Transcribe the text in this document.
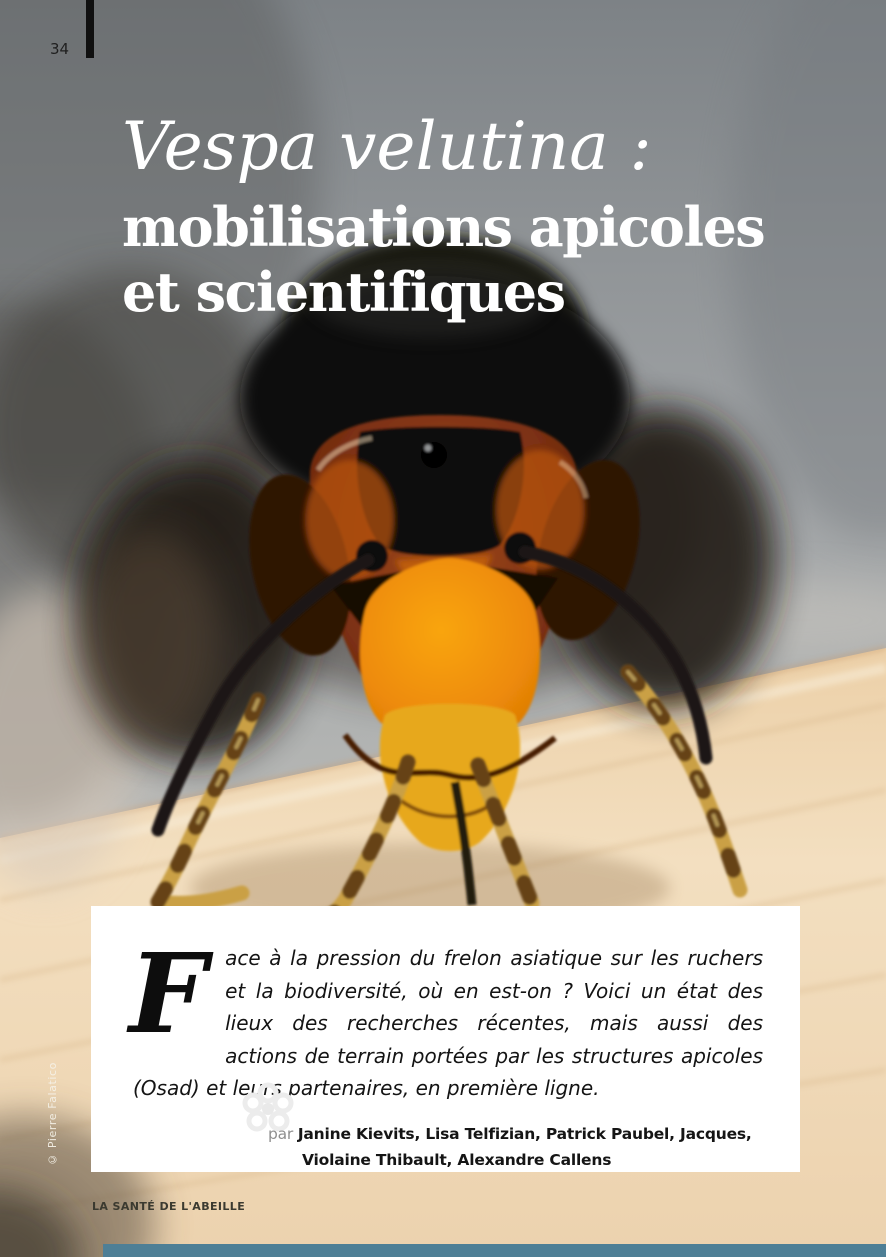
34
Vespa velutina :
mobilisations apicoles
et scientifiques

Face à la pression du frelon asiatique sur les ruchers et la biodiversité, où en est-on ? Voici un état des lieux des recherches récentes, mais aussi des actions de terrain portées par les structures apicoles (Osad) et leurs partenaires, en première ligne.

par Janine Kievits, Lisa Telfizian, Patrick Paubel, Jacques,
Violaine Thibault, Alexandre Callens
© Pierre Falatico
LA SANTÉ DE L'ABEILLE
